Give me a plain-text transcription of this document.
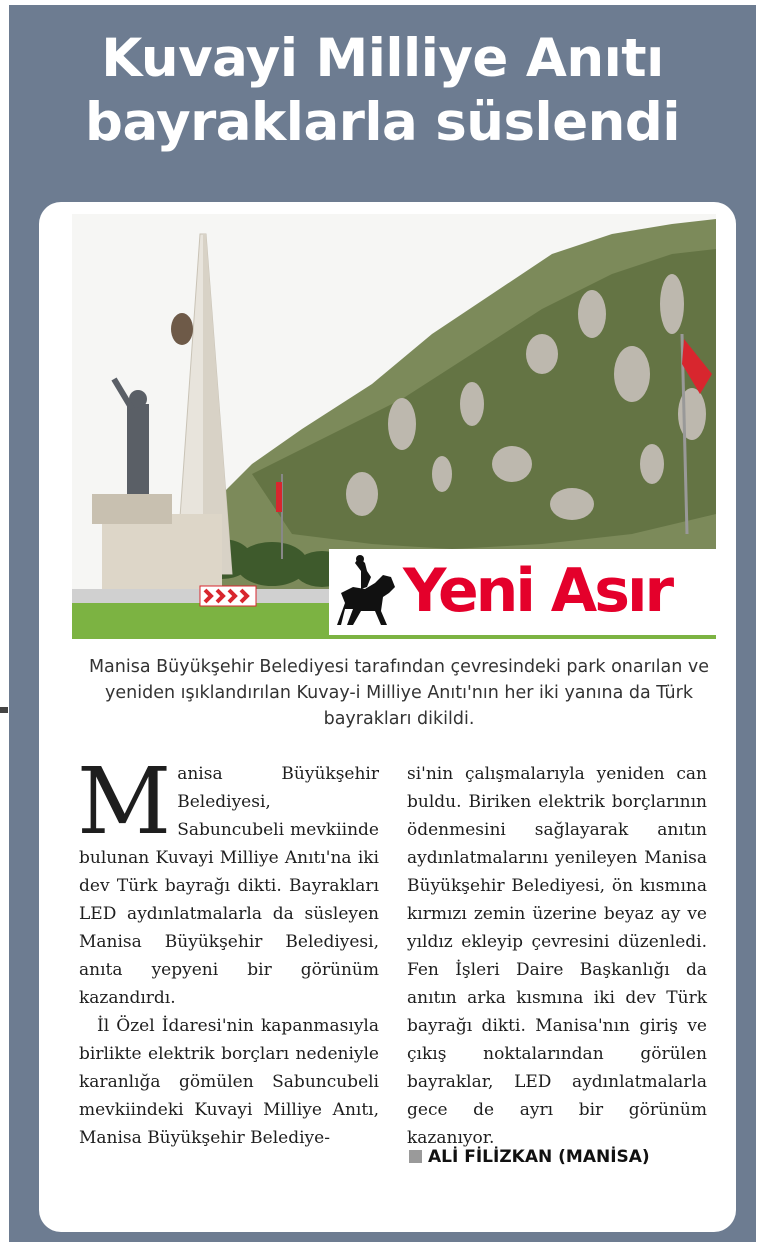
Kuvayi Milliye Anıtı
bayraklarla süslendi
Yeni Asır

Manisa Büyükşehir Belediyesi tarafından çevresindeki park onarılan ve yeniden ışıklandırılan Kuvay-i Milliye Anıtı'nın her iki yanına da Türk bayrakları dikildi.

Manisa Büyükşehir Belediyesi, Sabuncubeli mevkiinde bulunan Kuvayi Milliye Anıtı'na iki dev Türk bayrağı dikti. Bayrakları LED aydınlatmalarla da süsleyen Manisa Büyükşehir Belediyesi, anıta yepyeni bir görünüm kazandırdı.

İl Özel İdaresi'nin kapanmasıyla birlikte elektrik borçları nedeniyle karanlığa gömülen Sabuncubeli mevkiindeki Kuvayi Milliye Anıtı, Manisa Büyükşehir Belediye-

si'nin çalışmalarıyla yeniden can buldu. Biriken elektrik borçlarının ödenmesini sağlayarak anıtın aydınlatmalarını yenileyen Manisa Büyükşehir Belediyesi, ön kısmına kırmızı zemin üzerine beyaz ay ve yıldız ekleyip çevresini düzenledi. Fen İşleri Daire Başkanlığı da anıtın arka kısmına iki dev Türk bayrağı dikti. Manisa'nın giriş ve çıkış noktalarından görülen bayraklar, LED aydınlatmalarla gece de ayrı bir görünüm kazanıyor.

ALİ FİLİZKAN (MANİSA)
